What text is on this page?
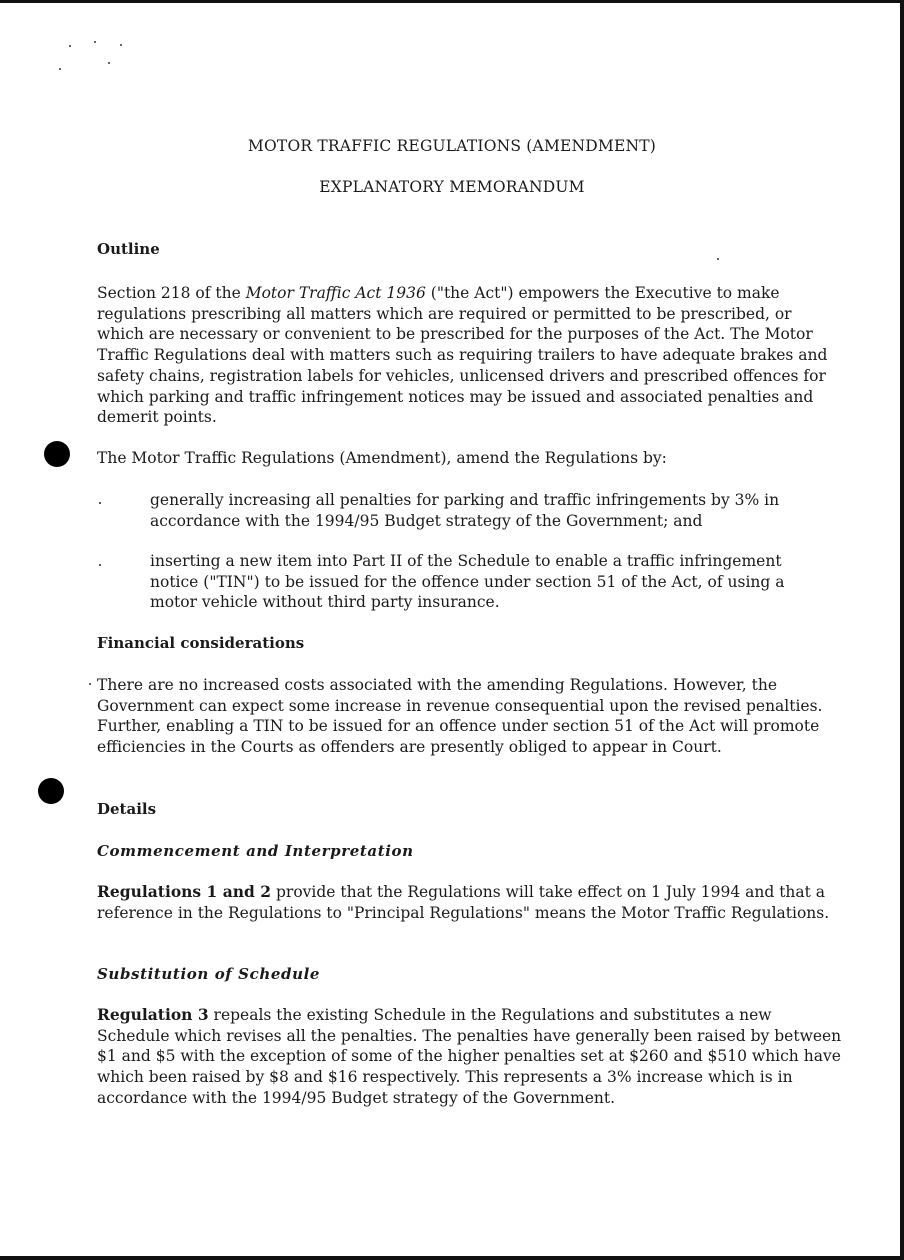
MOTOR TRAFFIC REGULATIONS (AMENDMENT)
EXPLANATORY MEMORANDUM
Outline

Section 218 of the Motor Traffic Act 1936 ("the Act") empowers the Executive to make regulations prescribing all matters which are required or permitted to be prescribed, or which are necessary or convenient to be prescribed for the purposes of the Act. The Motor Traffic Regulations deal with matters such as requiring trailers to have adequate brakes and safety chains, registration labels for vehicles, unlicensed drivers and prescribed offences for which parking and traffic infringement notices may be issued and associated penalties and demerit points.

The Motor Traffic Regulations (Amendment), amend the Regulations by:

generally increasing all penalties for parking and traffic infringements by 3% in accordance with the 1994/95 Budget strategy of the Government; and

inserting a new item into Part II of the Schedule to enable a traffic infringement notice ("TIN") to be issued for the offence under section 51 of the Act, of using a motor vehicle without third party insurance.

Financial considerations

There are no increased costs associated with the amending Regulations. However, the Government can expect some increase in revenue consequential upon the revised penalties. Further, enabling a TIN to be issued for an offence under section 51 of the Act will promote efficiencies in the Courts as offenders are presently obliged to appear in Court.

Details
Commencement and Interpretation

Regulations 1 and 2 provide that the Regulations will take effect on 1 July 1994 and that a reference in the Regulations to "Principal Regulations" means the Motor Traffic Regulations.

Substitution of Schedule

Regulation 3 repeals the existing Schedule in the Regulations and substitutes a new Schedule which revises all the penalties. The penalties have generally been raised by between $1 and $5 with the exception of some of the higher penalties set at $260 and $510 which have which been raised by $8 and $16 respectively. This represents a 3% increase which is in accordance with the 1994/95 Budget strategy of the Government.
